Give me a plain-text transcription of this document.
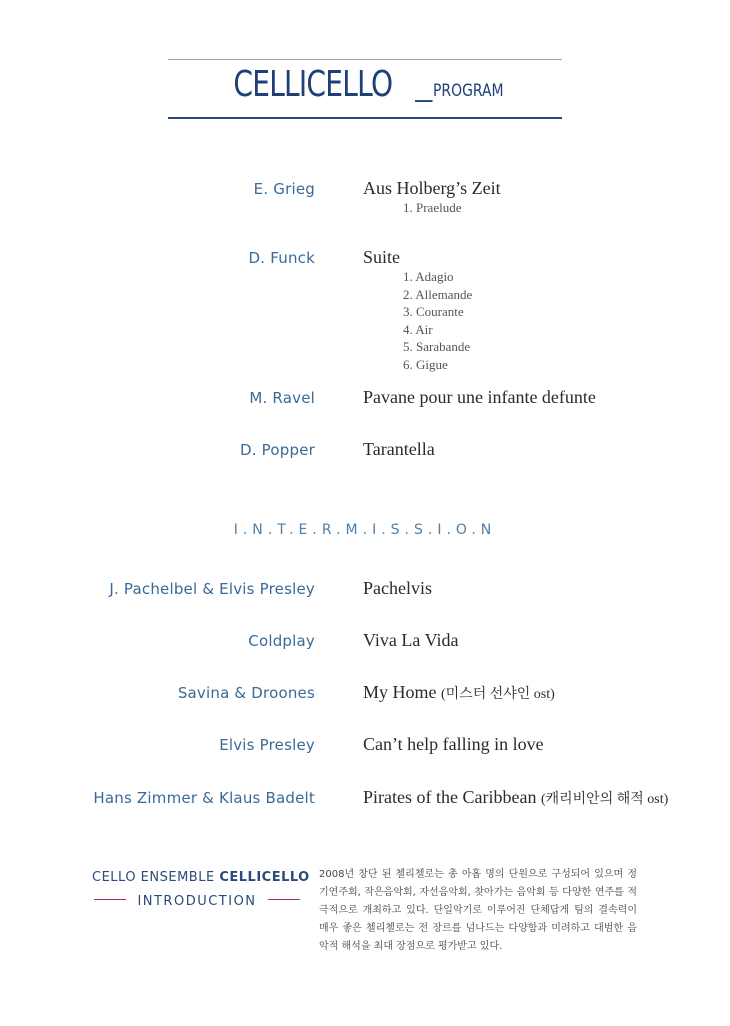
CELLICELLO _ PROGRAM
E. Grieg	Aus Holberg’s Zeit
1. Praelude
D. Funck	Suite
1. Adagio
2. Allemande
3. Courante
4. Air
5. Sarabande
6. Gigue
M. Ravel	Pavane pour une infante defunte
D. Popper	Tarantella
I.N.T.E.R.M.I.S.S.I.O.N
J. Pachelbel & Elvis Presley	Pachelvis
Coldplay	Viva La Vida
Savina & Droones	My Home (미스터 선샤인 ost)
Elvis Presley	Can’t help falling in love
Hans Zimmer & Klaus Badelt	Pirates of the Caribbean (캐리비안의 해적 ost)
CELLO ENSEMBLE CELLICELLO
INTRODUCTION
2008년 창단 된 첼리첼로는 총 아홉 명의 단원으로 구성되어 있으며 정기연주회, 작은음악회, 자선음악회, 찾아가는 음악회 등 다양한 연주를 적극적으로 개최하고 있다. 단일악기로 이루어진 단체답게 팀의 결속력이 매우 좋은 첼리첼로는 전 장르를 넘나드는 다양함과 미려하고 대범한 음악적 해석을 최대 장점으로 평가받고 있다.
